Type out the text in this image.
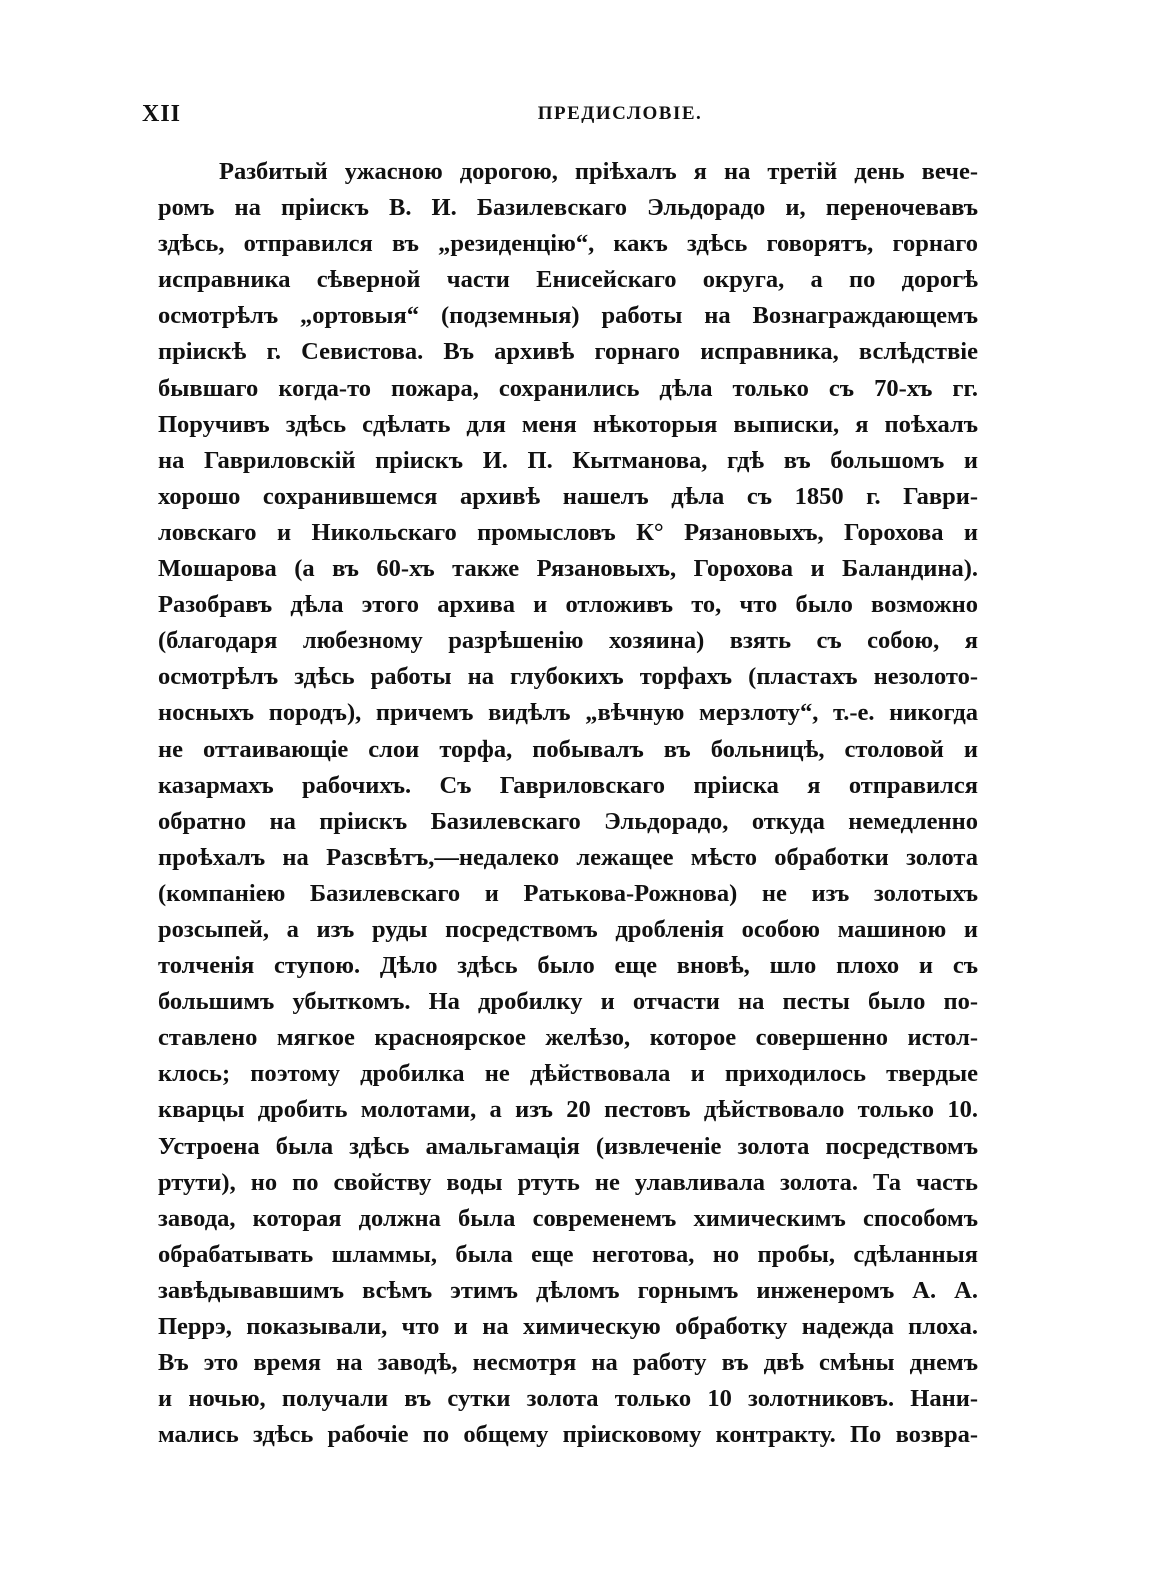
XII	ПРЕДИСЛОВІЕ.
Разбитый ужасною дорогою, пріѣхалъ я на третій день вече-
ромъ на пріискъ В. И. Базилевскаго Эльдорадо и, переночевавъ
здѣсь, отправился въ „резиденцію“, какъ здѣсь говорятъ, горнаго
исправника сѣверной части Енисейскаго округа, а по дорогѣ
осмотрѣлъ „ортовыя“ (подземныя) работы на Вознаграждающемъ
пріискѣ г. Севистова. Въ архивѣ горнаго исправника, вслѣдствіе
бывшаго когда-то пожара, сохранились дѣла только съ 70-хъ гг.
Поручивъ здѣсь сдѣлать для меня нѣкоторыя выписки, я поѣхалъ
на Гавриловскій пріискъ И. П. Кытманова, гдѣ въ большомъ и
хорошо сохранившемся архивѣ нашелъ дѣла съ 1850 г. Гаври-
ловскаго и Никольскаго промысловъ К° Рязановыхъ, Горохова и
Мошарова (а въ 60-хъ также Рязановыхъ, Горохова и Баландина).
Разобравъ дѣла этого архива и отложивъ то, что было возможно
(благодаря любезному разрѣшенію хозяина) взять съ собою, я
осмотрѣлъ здѣсь работы на глубокихъ торфахъ (пластахъ незолото-
носныхъ породъ), причемъ видѣлъ „вѣчную мерзлоту“, т.-е. никогда
не оттаивающіе слои торфа, побывалъ въ больницѣ, столовой и
казармахъ рабочихъ. Съ Гавриловскаго пріиска я отправился
обратно на пріискъ Базилевскаго Эльдорадо, откуда немедленно
проѣхалъ на Разсвѣтъ,—недалеко лежащее мѣсто обработки золота
(компаніею Базилевскаго и Ратькова-Рожнова) не изъ золотыхъ
розсыпей, а изъ руды посредствомъ дробленія особою машиною и
толченія ступою. Дѣло здѣсь было еще вновѣ, шло плохо и съ
большимъ убыткомъ. На дробилку и отчасти на песты было по-
ставлено мягкое красноярское желѣзо, которое совершенно истол-
клось; поэтому дробилка не дѣйствовала и приходилось твердые
кварцы дробить молотами, а изъ 20 пестовъ дѣйствовало только 10.
Устроена была здѣсь амальгамація (извлеченіе золота посредствомъ
ртути), но по свойству воды ртуть не улавливала золота. Та часть
завода, которая должна была современемъ химическимъ способомъ
обрабатывать шламмы, была еще неготова, но пробы, сдѣланныя
завѣдывавшимъ всѣмъ этимъ дѣломъ горнымъ инженеромъ А. А.
Перрэ, показывали, что и на химическую обработку надежда плоха.
Въ это время на заводѣ, несмотря на работу въ двѣ смѣны днемъ
и ночью, получали въ сутки золота только 10 золотниковъ. Нани-
мались здѣсь рабочіе по общему пріисковому контракту. По возвра-
